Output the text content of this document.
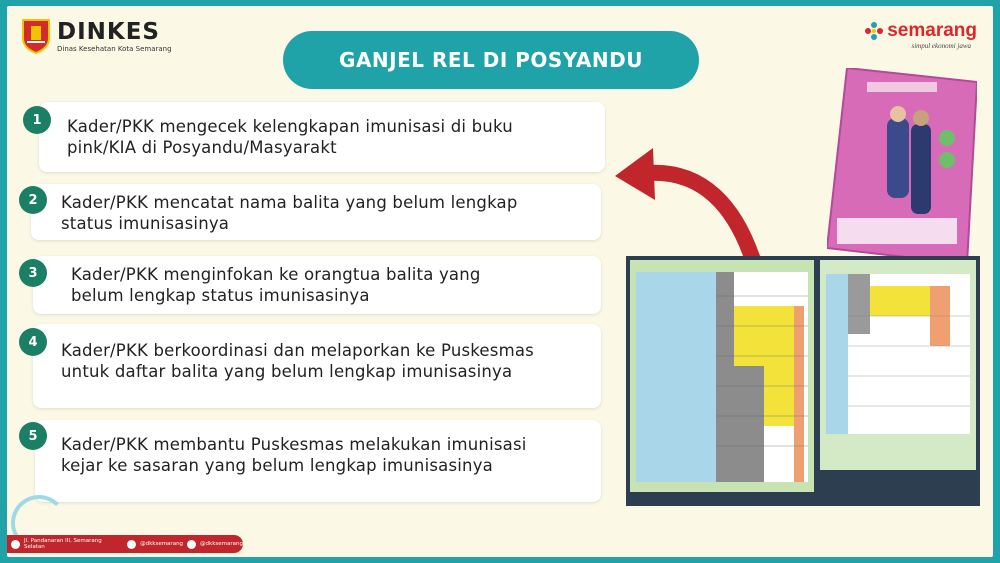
DINKES
Dinas Kesehatan Kota Semarang
semarang
simpul ekonomi jawa
GANJEL REL DI POSYANDU
Kader/PKK mengecek kelengkapan imunisasi di buku
pink/KIA di Posyandu/Masyarakt
1
Kader/PKK mencatat nama balita yang belum lengkap
status imunisasinya
2
Kader/PKK menginfokan ke orangtua balita yang
belum lengkap status imunisasinya
3
Kader/PKK berkoordinasi dan melaporkan ke Puskesmas
untuk daftar balita yang belum lengkap imunisasinya
4
Kader/PKK membantu Puskesmas melakukan imunisasi
kejar ke sasaran yang belum lengkap imunisasinya
5
Jl. Pandanaran III, Semarang Selatan	@dkksemarang	@dkksemarang
